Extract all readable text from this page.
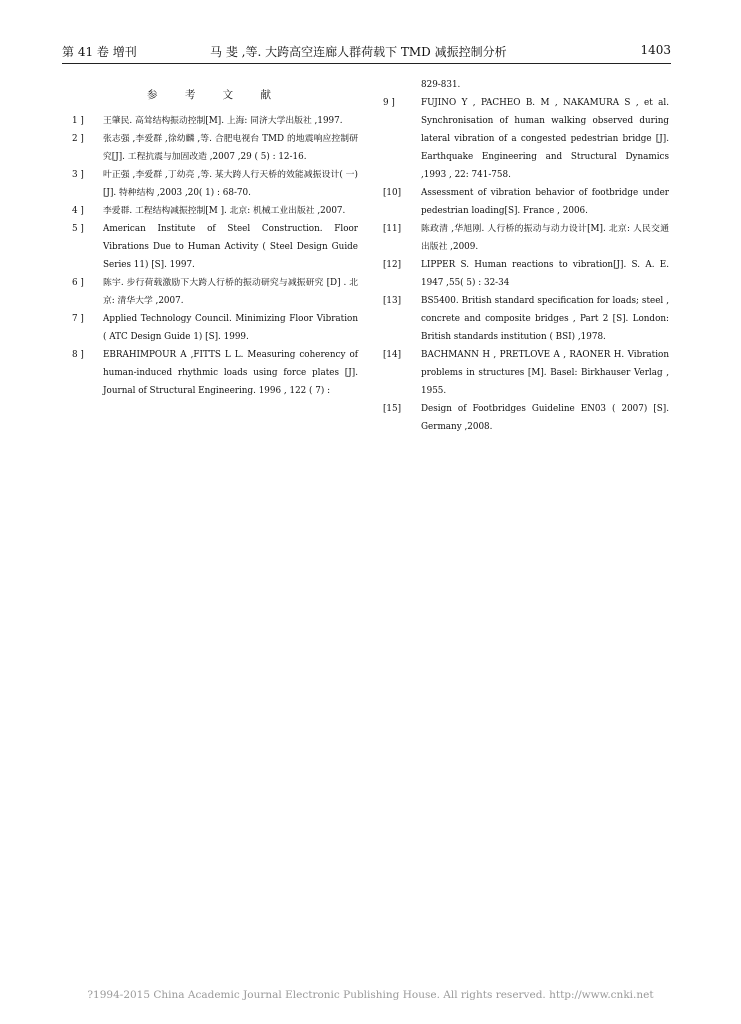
第 41 卷 增刊	马 斐 ,等. 大跨高空连廊人群荷载下 TMD 减振控制分析	1403
参 考 文 献
1 ] 王肇民. 高耸结构振动控制[M]. 上海: 同济大学出版社 ,1997.
2 ] 张志强 ,李爱群 ,徐幼麟 ,等. 合肥电视台 TMD 的地震响应控制研究[J]. 工程抗震与加固改造 ,2007 ,29 ( 5) : 12-16.
3 ] 叶正强 ,李爱群 ,丁幼亮 ,等. 某大跨人行天桥的效能减振设计( 一) [J]. 特种结构 ,2003 ,20( 1) : 68-70.
4 ] 李爱群. 工程结构减振控制[M ]. 北京: 机械工业出版社 ,2007.
5 ] American Institute of Steel Construction. Floor Vibrations Due to Human Activity ( Steel Design Guide Series 11) [S]. 1997.
6 ] 陈宇. 步行荷载激励下大跨人行桥的振动研究与减振研究 [D] . 北京: 清华大学 ,2007.
7 ] Applied Technology Council. Minimizing Floor Vibration ( ATC Design Guide 1) [S]. 1999.
8 ] EBRAHIMPOUR A ,FITTS L L. Measuring coherency of human-induced rhythmic loads using force plates [J]. Journal of Structural Engineering. 1996 , 122 ( 7) :
829-831.
9 ]	FUJINO Y , PACHEO B. M , NAKAMURA S , et al. Synchronisation of human walking observed during lateral vibration of a congested pedestrian bridge [J]. Earthquake Engineering and Structural Dynamics ,1993 , 22: 741-758.
[10] Assessment of vibration behavior of footbridge under pedestrian loading[S]. France , 2006.
[11] 陈政清 ,华旭刚. 人行桥的振动与动力设计[M]. 北京: 人民交通出版社 ,2009.
[12] LIPPER S. Human reactions to vibration[J]. S. A. E. 1947 ,55( 5) : 32-34
[13] BS5400. British standard specification for loads; steel , concrete and composite bridges , Part 2 [S]. London: British standards institution ( BSI) ,1978.
[14] BACHMANN H , PRETLOVE A , RAONER H. Vibration problems in structures [M]. Basel: Birkhauser Verlag , 1955.
[15] Design of Footbridges Guideline EN03 ( 2007) [S]. Germany ,2008.
?1994-2015 China Academic Journal Electronic Publishing House. All rights reserved. http://www.cnki.net
